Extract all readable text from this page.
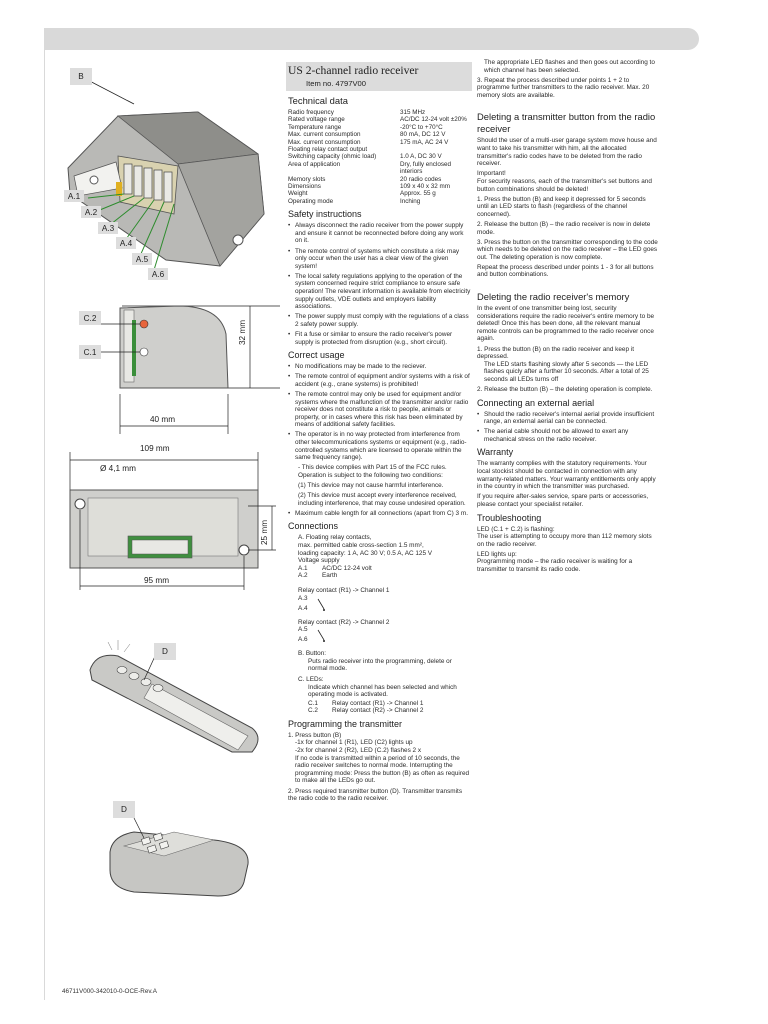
B
A.1
A.2
A.3
A.4
A.5
A.6
C.2
C.1
32 mm
40 mm
109 mm
Ø 4,1 mm
25 mm
95 mm
D
D
US 2-channel radio receiver
Item no. 4797V00
Technical data
Radio frequency	315 MHz
Rated voltage range	AC/DC 12-24 volt ±20%
Temperature range	-20°C to +70°C
Max. current consumption	80 mA, DC 12 V
Max. current consumption	175 mA, AC 24 V
Floating relay contact output	
Switching capacity (ohmic load)	1.0 A, DC 30 V
Area of application	Dry, fully enclosed interiors
Memory slots	20 radio codes
Dimensions	109 x 40 x 32 mm
Weight	Approx. 55 g
Operating mode	Inching
Safety instructions
• Always disconnect the radio receiver from the power supply and ensure it cannot be reconnected before doing any work on it.
• The remote control of systems which constitute a risk may only occur when the user has a clear view of the given system!
• The local safety regulations applying to the operation of the system concerned require strict compliance to ensure safe operation! The relevant information is available from electricity supply outlets, VDE outlets and employers liability associations.
• The power supply must comply with the regulations of a class 2 safety power supply.
• Fit a fuse or similar to ensure the radio receiver's power supply is protected from disruption (e.g., short circuit).
Correct usage
• No modifications may be made to the reciever.
• The remote control of equipment and/or systems with a risk of accident (e.g., crane systems) is prohibited!
• The remote control may only be used for equipment and/or systems where the malfunction of the transmitter and/or radio receiver does not constitute a risk to people, animals or property, or in cases where this risk has been eliminated by means of additional safety facilities.
• The operator is in no way protected from interference from other telecommunications systems or equipment (e.g., radio-controlled systems which are licensed to operate within the same frequency range).

- This device complies with Part 15 of the FCC rules. Operation is subject to the following two conditions:

(1) This device may not cause harmful interference.

(2) This device must accept every interference received, including interference, that may couse undesired operation.

• Maximum cable length for all connections (apart from C) 3 m.
Connections

A. Floating relay contacts,

max. permitted cable cross-section 1.5 mm²,

loading capacity: 1 A, AC 30 V; 0.5 A, AC 125 V

Voltage supply

A.1	AC/DC 12-24 volt
A.2	Earth

Relay contact (R1) -> Channel 1

A.3
A.4

Relay contact (R2) -> Channel 2

A.5
A.6

B. Button:

Puts radio receiver into the programming, delete or normal mode.

C. LEDs:

Indicate which channel has been selected and which operating mode is activated.

C.1	Relay contact (R1) -> Channel 1
C.2	Relay contact (R2) -> Channel 2
Programming the transmitter

1. Press button (B)

-1x for channel 1 (R1), LED (C2) lights up

-2x for channel 2 (R2), LED (C.2) flashes 2 x

If no code is transmitted within a period of 10 seconds, the radio receiver switches to normal mode. Interrupting the programming mode: Press the button (B) as often as required to make all the LEDs go out.

2. Press required transmitter button (D). Transmitter transmits the radio code to the radio receiver.

The appropriate LED flashes and then goes out according to which channel has been selected.

3. Repeat the process described under points 1 + 2 to programme further transmitters to the radio receiver. Max. 20 memory slots are available.

Deleting a transmitter button from the radio receiver

Should the user of a multi-user garage system move house and want to take his transmitter with him, all the allocated transmitter's radio codes have to be deleted from the radio receiver.

Important!

For security reasons, each of the transmitter's set buttons and button combinations should be deleted!

1. Press the button (B) and keep it depressed for 5 seconds until an LED starts to flash (regardless of the channel concerned).

2. Release the button (B) – the radio receiver is now in delete mode.

3. Press the button on the transmitter corresponding to the code which needs to be deleted on the radio receiver – the LED goes out. The deleting operation is now complete.

Repeat the process described under points 1 - 3 for all buttons and button combinations.

Deleting the radio receiver's memory

In the event of one transmitter being lost, security considerations require the radio receiver's entire memory to be deleted! Once this has been done, all the relevant manual remote controls can be programmed to the radio receiver once again.

1. Press the button (B) on the radio receiver and keep it depressed.

The LED starts flashing slowly after 5 seconds — the LED flashes quicly after a further 10 seconds. After a total of 25 seconds all LEDs turns off

2. Release the button (B) – the deleting operation is complete.

Connecting an external aerial
• Should the radio receiver's internal aerial provide insufficient range, an external aerial can be connected.
• The aerial cable should not be allowed to exert any mechanical stress on the radio receiver.
Warranty

The warranty complies with the statutory requirements. Your local stockist should be contacted in connection with any warranty-related matters. Your warranty entitlements only apply in the country in which the transmitter was purchased.

If you require after-sales service, spare parts or accessories, please contact your specialist retailer.

Troubleshooting

LED (C.1 + C.2) is flashing:

The user is attempting to occupy more than 112 memory slots on the radio receiver.

LED lights up:

Programming mode – the radio receiver is waiting for a transmitter to transmit its radio code.

46711V000-342010-0-OCE-Rev.A
